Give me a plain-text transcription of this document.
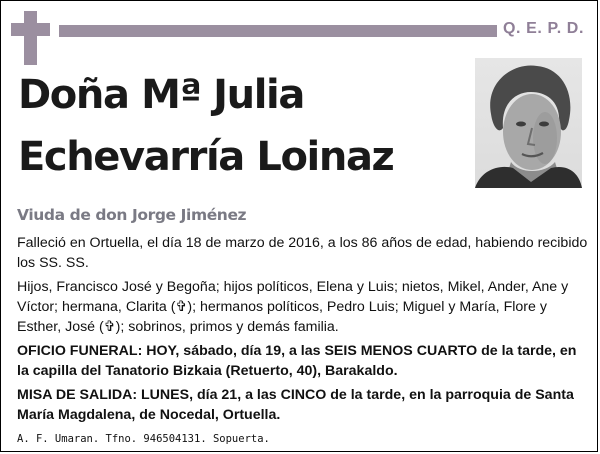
Q. E. P. D.
Doña Mª Julia
Echevarría Loinaz
Viuda de don Jorge Jiménez
Falleció en Ortuella, el día 18 de marzo de 2016, a los 86 años de edad, habiendo recibido los SS. SS.
Hijos, Francisco José y Begoña; hijos políticos, Elena y Luis; nietos, Mikel, Ander, Ane y Víctor; hermana, Clarita (✞); hermanos políticos, Pedro Luis; Miguel y María, Flore y Esther, José (✞); sobrinos, primos y demás familia.
OFICIO FUNERAL: HOY, sábado, día 19, a las SEIS MENOS CUARTO de la tarde, en la capilla del Tanatorio Bizkaia (Retuerto, 40), Barakaldo.
MISA DE SALIDA: LUNES, día 21, a las CINCO de la tarde, en la parroquia de Santa María Magdalena, de Nocedal, Ortuella.
A. F. Umaran. Tfno. 946504131. Sopuerta.
